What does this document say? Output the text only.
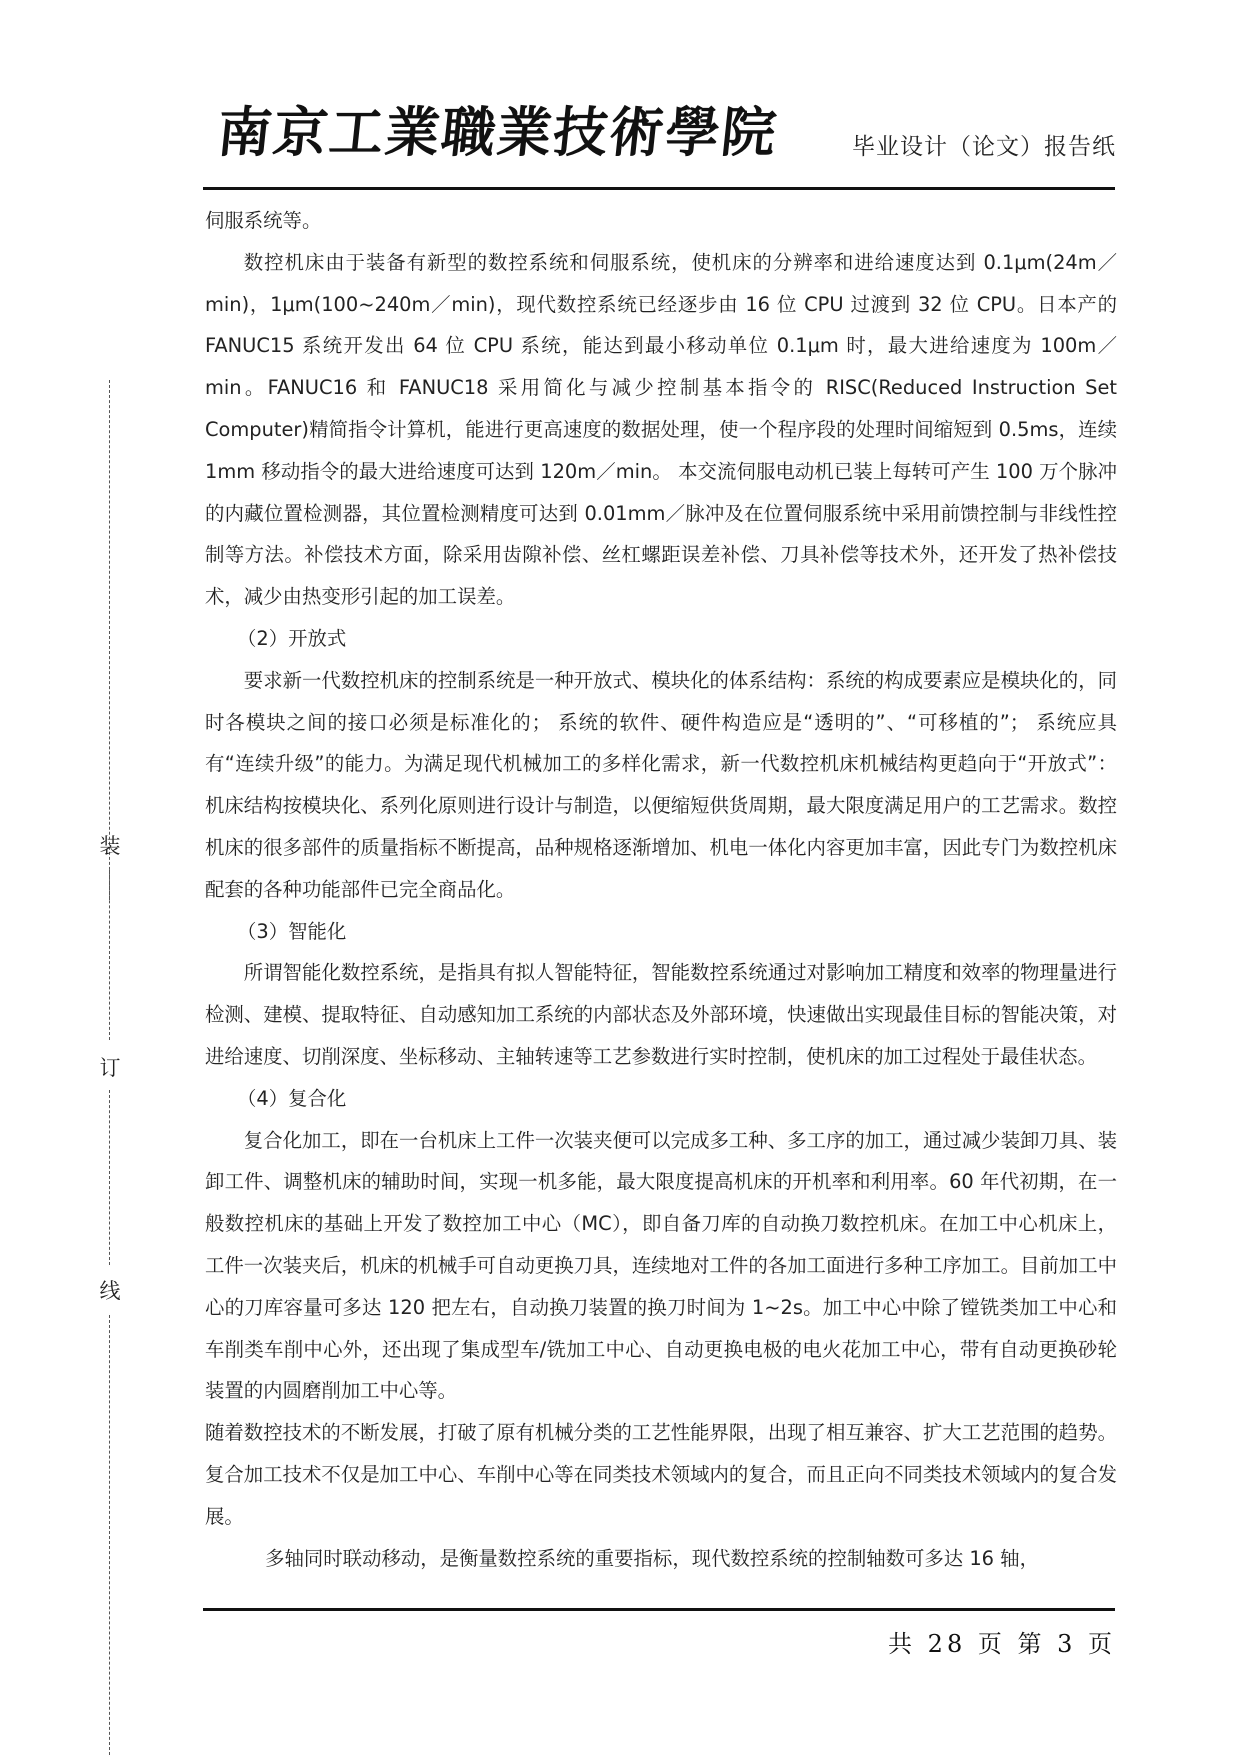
南京工業職業技術學院	毕业设计（论文）报告纸
装
订
线

伺服系统等。

数控机床由于装备有新型的数控系统和伺服系统，使机床的分辨率和进给速度达到 0.1μm(24m／min)，1μm(100~240m／min)，现代数控系统已经逐步由 16 位 CPU 过渡到 32 位 CPU。日本产的 FANUC15 系统开发出 64 位 CPU 系统，能达到最小移动单位 0.1μm 时，最大进给速度为 100m／min。FANUC16 和 FANUC18 采用简化与减少控制基本指令的 RISC(Reduced Instruction Set Computer)精简指令计算机，能进行更高速度的数据处理，使一个程序段的处理时间缩短到 0.5ms，连续 1mm 移动指令的最大进给速度可达到 120m／min。 本交流伺服电动机已装上每转可产生 100 万个脉冲的内藏位置检测器，其位置检测精度可达到 0.01mm／脉冲及在位置伺服系统中采用前馈控制与非线性控制等方法。补偿技术方面，除采用齿隙补偿、丝杠螺距误差补偿、刀具补偿等技术外，还开发了热补偿技术，减少由热变形引起的加工误差。

（2）开放式

要求新一代数控机床的控制系统是一种开放式、模块化的体系结构：系统的构成要素应是模块化的，同时各模块之间的接口必须是标准化的； 系统的软件、硬件构造应是“透明的”、“可移植的”； 系统应具有“连续升级”的能力。为满足现代机械加工的多样化需求，新一代数控机床机械结构更趋向于“开放式”：机床结构按模块化、系列化原则进行设计与制造，以便缩短供货周期，最大限度满足用户的工艺需求。数控机床的很多部件的质量指标不断提高，品种规格逐渐增加、机电一体化内容更加丰富，因此专门为数控机床配套的各种功能部件已完全商品化。

（3）智能化

所谓智能化数控系统，是指具有拟人智能特征，智能数控系统通过对影响加工精度和效率的物理量进行检测、建模、提取特征、自动感知加工系统的内部状态及外部环境，快速做出实现最佳目标的智能决策，对进给速度、切削深度、坐标移动、主轴转速等工艺参数进行实时控制，使机床的加工过程处于最佳状态。

（4）复合化

复合化加工，即在一台机床上工件一次装夹便可以完成多工种、多工序的加工，通过减少装卸刀具、装卸工件、调整机床的辅助时间，实现一机多能，最大限度提高机床的开机率和利用率。60 年代初期，在一般数控机床的基础上开发了数控加工中心（MC），即自备刀库的自动换刀数控机床。在加工中心机床上，工件一次装夹后，机床的机械手可自动更换刀具，连续地对工件的各加工面进行多种工序加工。目前加工中心的刀库容量可多达 120 把左右，自动换刀装置的换刀时间为 1~2s。加工中心中除了镗铣类加工中心和车削类车削中心外，还出现了集成型车/铣加工中心、自动更换电极的电火花加工中心，带有自动更换砂轮装置的内圆磨削加工中心等。

随着数控技术的不断发展，打破了原有机械分类的工艺性能界限，出现了相互兼容、扩大工艺范围的趋势。复合加工技术不仅是加工中心、车削中心等在同类技术领域内的复合，而且正向不同类技术领域内的复合发展。

多轴同时联动移动，是衡量数控系统的重要指标，现代数控系统的控制轴数可多达 16 轴，

共 28 页 第 3 页
